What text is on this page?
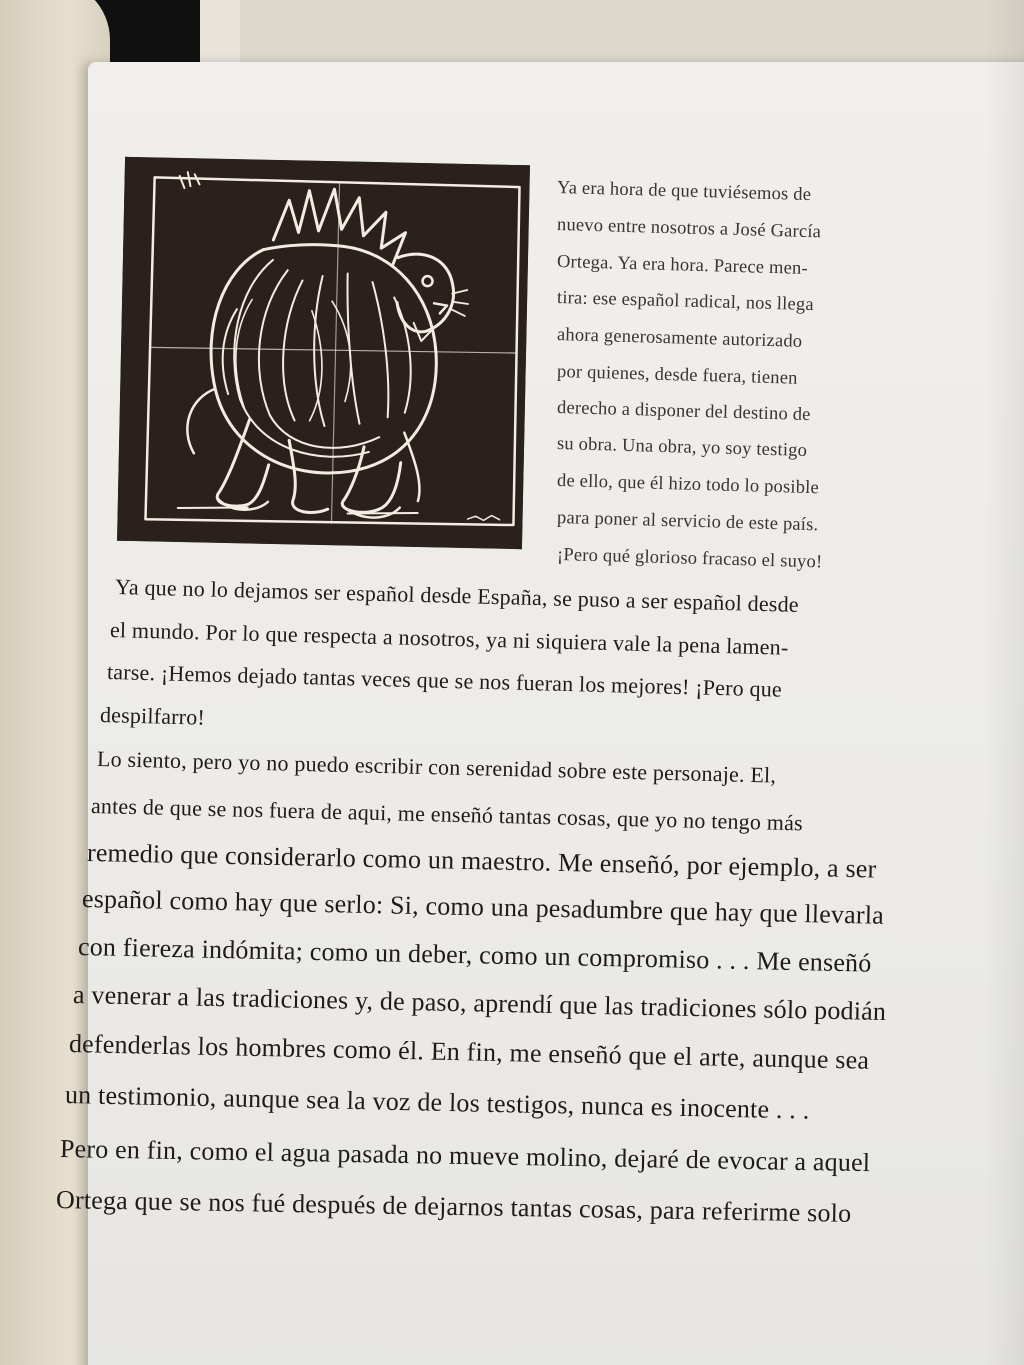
Ya era hora de que tuviésemos de

nuevo entre nosotros a José García

Ortega. Ya era hora. Parece men-

tira: ese español radical, nos llega

ahora generosamente autorizado

por quienes, desde fuera, tienen

derecho a disponer del destino de

su obra. Una obra, yo soy testigo

de ello, que él hizo todo lo posible

para poner al servicio de este país.

¡Pero qué glorioso fracaso el suyo!

Ya que no lo dejamos ser español desde España, se puso a ser español desde

el mundo. Por lo que respecta a nosotros, ya ni siquiera vale la pena lamen-

tarse. ¡Hemos dejado tantas veces que se nos fueran los mejores! ¡Pero que

despilfarro!

Lo siento, pero yo no puedo escribir con serenidad sobre este personaje. El,

antes de que se nos fuera de aqui, me enseñó tantas cosas, que yo no tengo más

remedio que considerarlo como un maestro. Me enseñó, por ejemplo, a ser

español como hay que serlo: Si, como una pesadumbre que hay que llevarla

con fiereza indómita; como un deber, como un compromiso . . . Me enseñó

a venerar a las tradiciones y, de paso, aprendí que las tradiciones sólo podián

defenderlas los hombres como él. En fin, me enseñó que el arte, aunque sea

un testimonio, aunque sea la voz de los testigos, nunca es inocente . . .

Pero en fin, como el agua pasada no mueve molino, dejaré de evocar a aquel

Ortega que se nos fué después de dejarnos tantas cosas, para referirme solo
